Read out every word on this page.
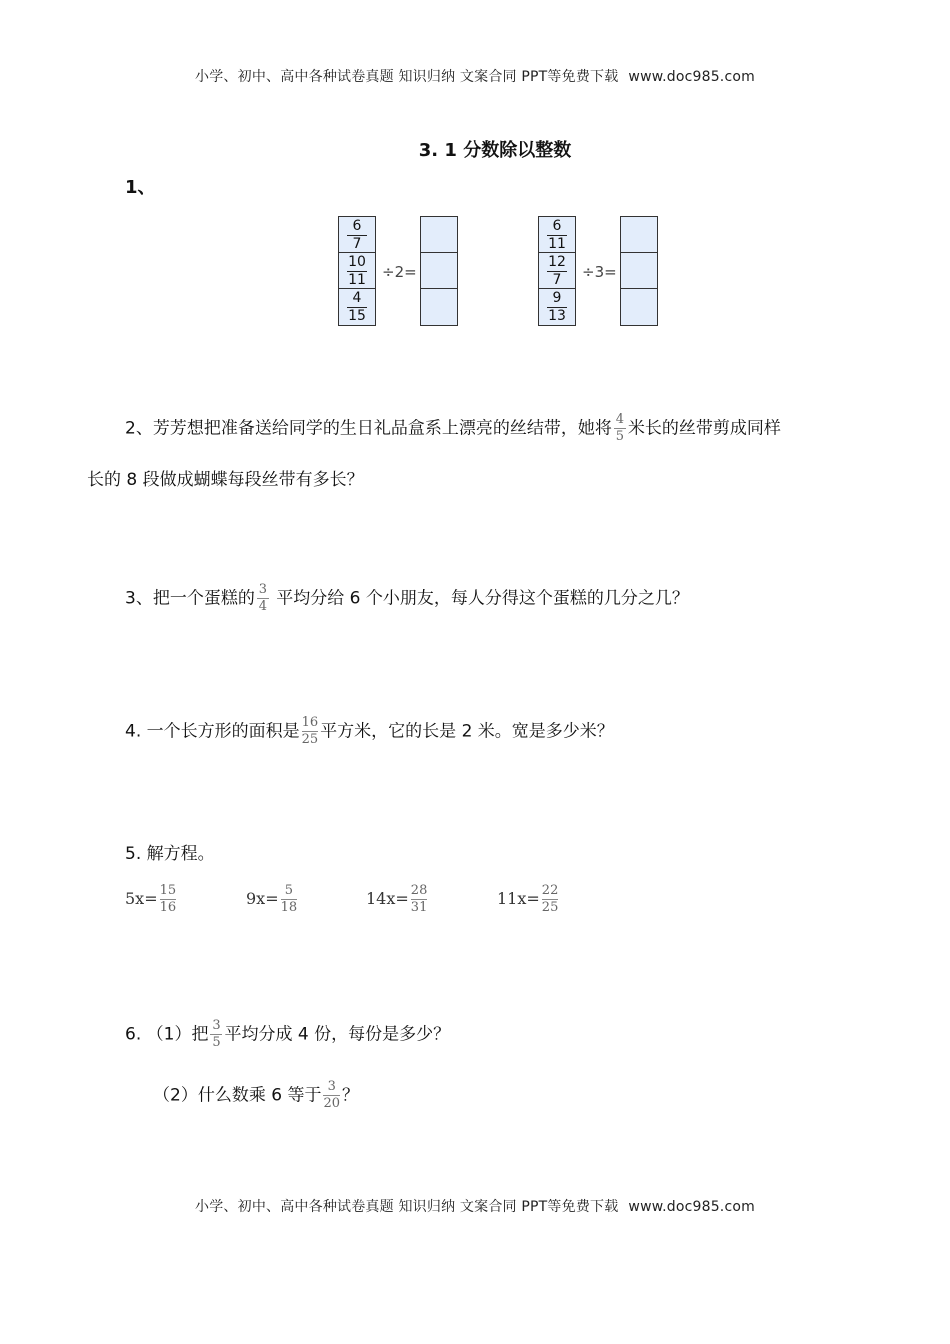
小学、初中、高中各种试卷真题 知识归纳 文案合同 PPT等免费下载 www.doc985.com
3. 1 分数除以整数
1、
6
7
10
11
4
15
÷2=
6
11
12
7
9
13
÷3=
2、芳芳想把准备送给同学的生日礼品盒系上漂亮的丝结带，她将 $\frac{4}{5}$ 米长的丝带剪成同样
长的 8 段做成蝴蝶每段丝带有多长？
3、把一个蛋糕的 $\frac{3}{4}$ 平均分给 6 个小朋友，每人分得这个蛋糕的几分之几？
4. 一个长方形的面积是 $\frac{16}{25}$ 平方米，它的长是 2 米。宽是多少米？
5. 解方程。
$5x= \frac{15}{16}$	$9x= \frac{5}{18}$	$14x= \frac{28}{31}$	$11x= \frac{22}{25}$
6. （1）把 $\frac{3}{5}$ 平均分成 4 份，每份是多少？
（2）什么数乘 6 等于 $\frac{3}{20}$ ？
小学、初中、高中各种试卷真题 知识归纳 文案合同 PPT等免费下载 www.doc985.com
